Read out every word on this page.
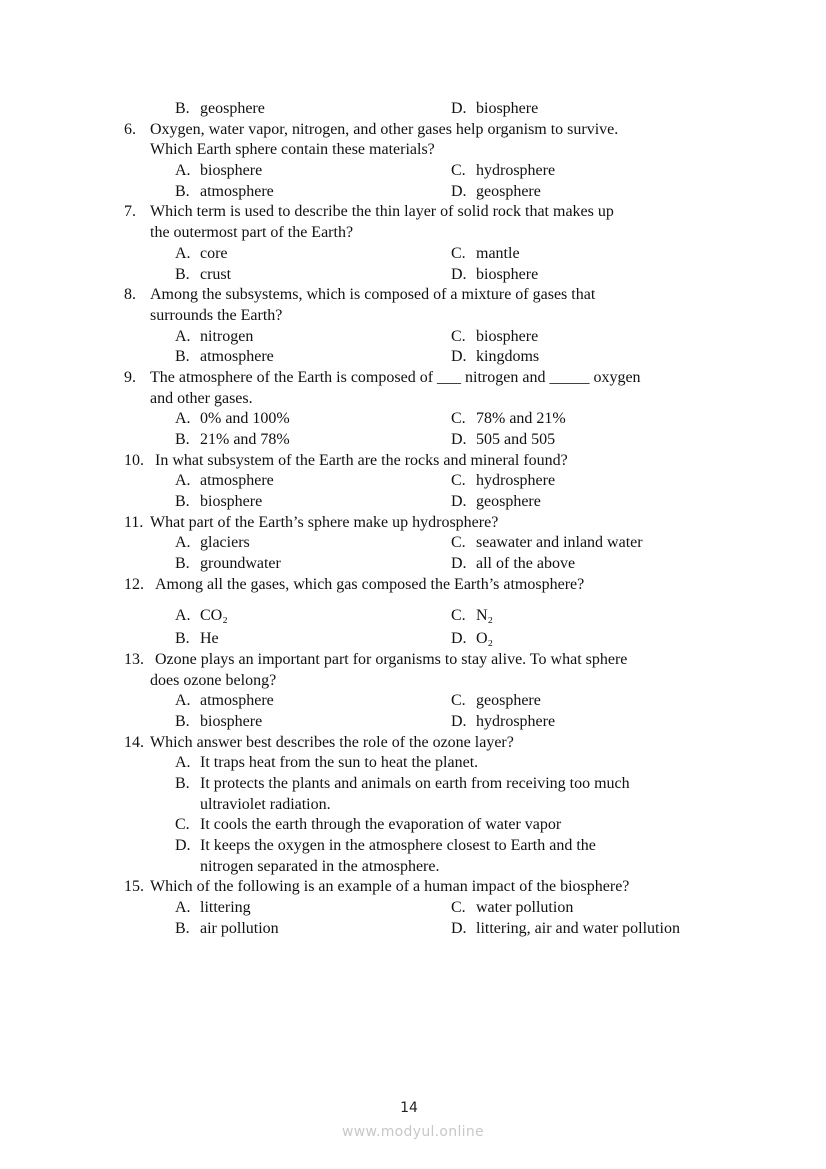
B. geosphere	D. biosphere
6. Oxygen, water vapor, nitrogen, and other gases help organism to survive.
Which Earth sphere contain these materials?
A. biosphere	C. hydrosphere
B. atmosphere	D. geosphere
7. Which term is used to describe the thin layer of solid rock that makes up
the outermost part of the Earth?
A. core	C. mantle
B. crust	D. biosphere
8. Among the subsystems, which is composed of a mixture of gases that
surrounds the Earth?
A. nitrogen	C. biosphere
B. atmosphere	D. kingdoms
9. The atmosphere of the Earth is composed of ___ nitrogen and _____ oxygen
and other gases.
A. 0% and 100%	C. 78% and 21%
B. 21% and 78%	D. 505 and 505
10. In what subsystem of the Earth are the rocks and mineral found?
A. atmosphere	C. hydrosphere
B. biosphere	D. geosphere
11. What part of the Earth’s sphere make up hydrosphere?
A. glaciers	C. seawater and inland water
B. groundwater	D. all of the above
12. Among all the gases, which gas composed the Earth’s atmosphere?
A. CO₂	C. N₂
B. He	D. O₂
13. Ozone plays an important part for organisms to stay alive. To what sphere
does ozone belong?
A. atmosphere	C. geosphere
B. biosphere	D. hydrosphere
14. Which answer best describes the role of the ozone layer?
A. It traps heat from the sun to heat the planet.
B. It protects the plants and animals on earth from receiving too much
ultraviolet radiation.
C. It cools the earth through the evaporation of water vapor
D. It keeps the oxygen in the atmosphere closest to Earth and the
nitrogen separated in the atmosphere.
15. Which of the following is an example of a human impact of the biosphere?
A. littering	C. water pollution
B. air pollution	D. littering, air and water pollution
14
www.modyul.online
